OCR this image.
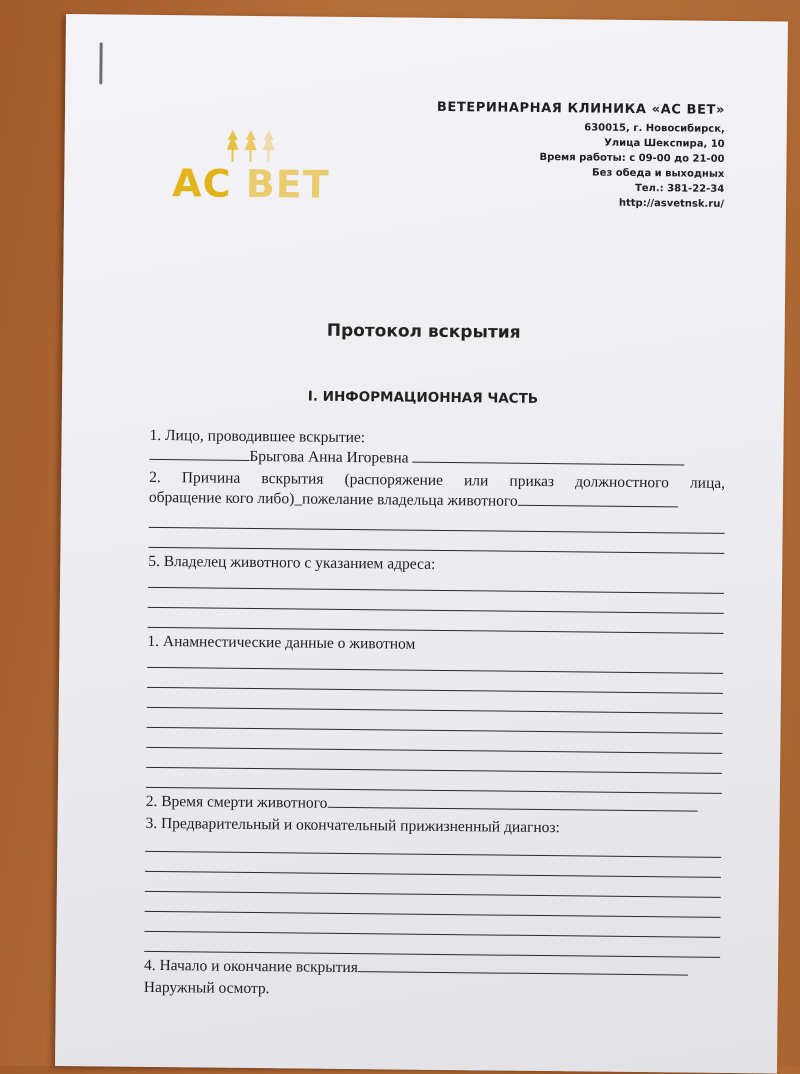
АС ВЕТ
ВЕТЕРИНАРНАЯ КЛИНИКА «АС ВЕТ»
630015, г. Новосибирск,
Улица Шекспира, 10
Время работы: с 09-00 до 21-00
Без обеда и выходных
Тел.: 381-22-34
http://asvetnsk.ru/
Протокол вскрытия
I. ИНФОРМАЦИОННАЯ ЧАСТЬ
1. Лицо, проводившее вскрытие:
Брыгова Анна Игоревна
2. Причина вскрытия (распоряжение или приказ должностного лица,
обращение кого либо)_пожелание владельца животного
5. Владелец животного с указанием адреса:
1. Анамнестические данные о животном
2. Время смерти животного
3. Предварительный и окончательный прижизненный диагноз:
4. Начало и окончание вскрытия
Наружный осмотр.
